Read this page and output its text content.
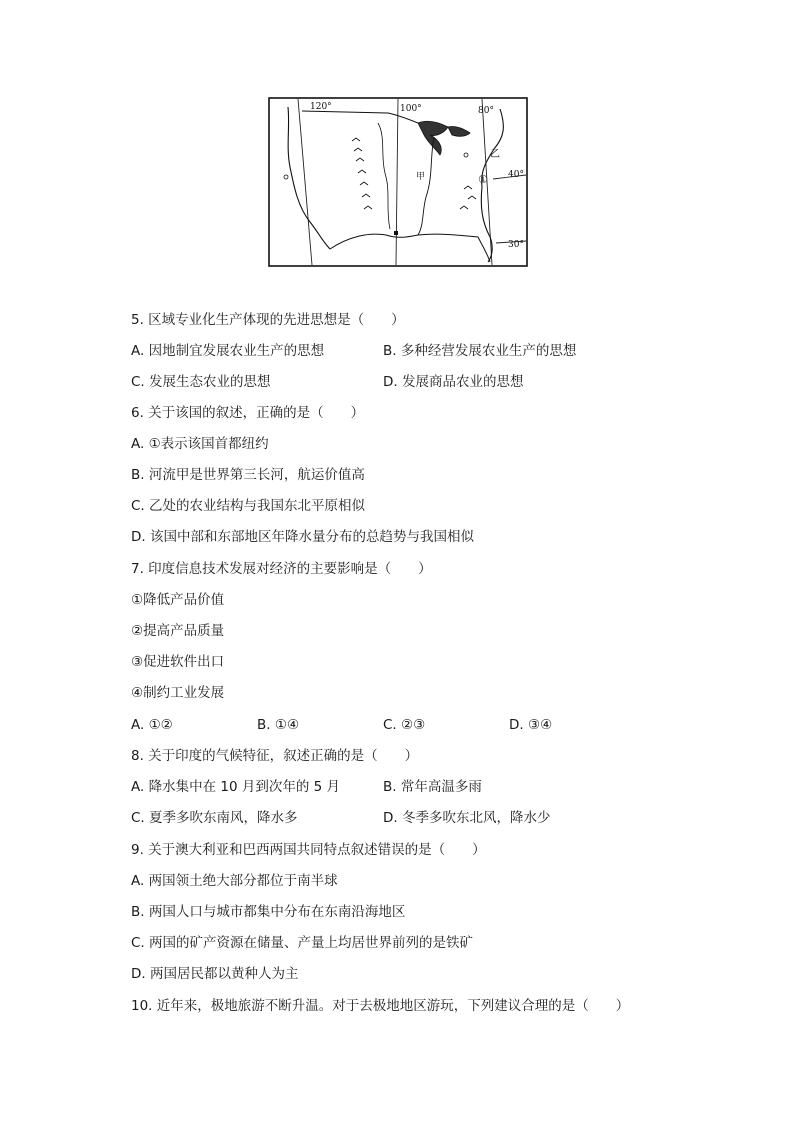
120°	100°	80°
40°
30°
乙
①
甲
5. 区域专业化生产体现的先进思想是（　　）
A. 因地制宜发展农业生产的思想	B. 多种经营发展农业生产的思想
C. 发展生态农业的思想	D. 发展商品农业的思想
6. 关于该国的叙述，正确的是（　　）
A. ①表示该国首都纽约
B. 河流甲是世界第三长河，航运价值高
C. 乙处的农业结构与我国东北平原相似
D. 该国中部和东部地区年降水量分布的总趋势与我国相似
7. 印度信息技术发展对经济的主要影响是（　　）
①降低产品价值
②提高产品质量
③促进软件出口
④制约工业发展
A. ①②	B. ①④	C. ②③	D. ③④
8. 关于印度的气候特征，叙述正确的是（　　）
A. 降水集中在 10 月到次年的 5 月	B. 常年高温多雨
C. 夏季多吹东南风，降水多	D. 冬季多吹东北风，降水少
9. 关于澳大利亚和巴西两国共同特点叙述错误的是（　　）
A. 两国领土绝大部分都位于南半球
B. 两国人口与城市都集中分布在东南沿海地区
C. 两国的矿产资源在储量、产量上均居世界前列的是铁矿
D. 两国居民都以黄种人为主
10. 近年来，极地旅游不断升温。对于去极地地区游玩，下列建议合理的是（　　）
